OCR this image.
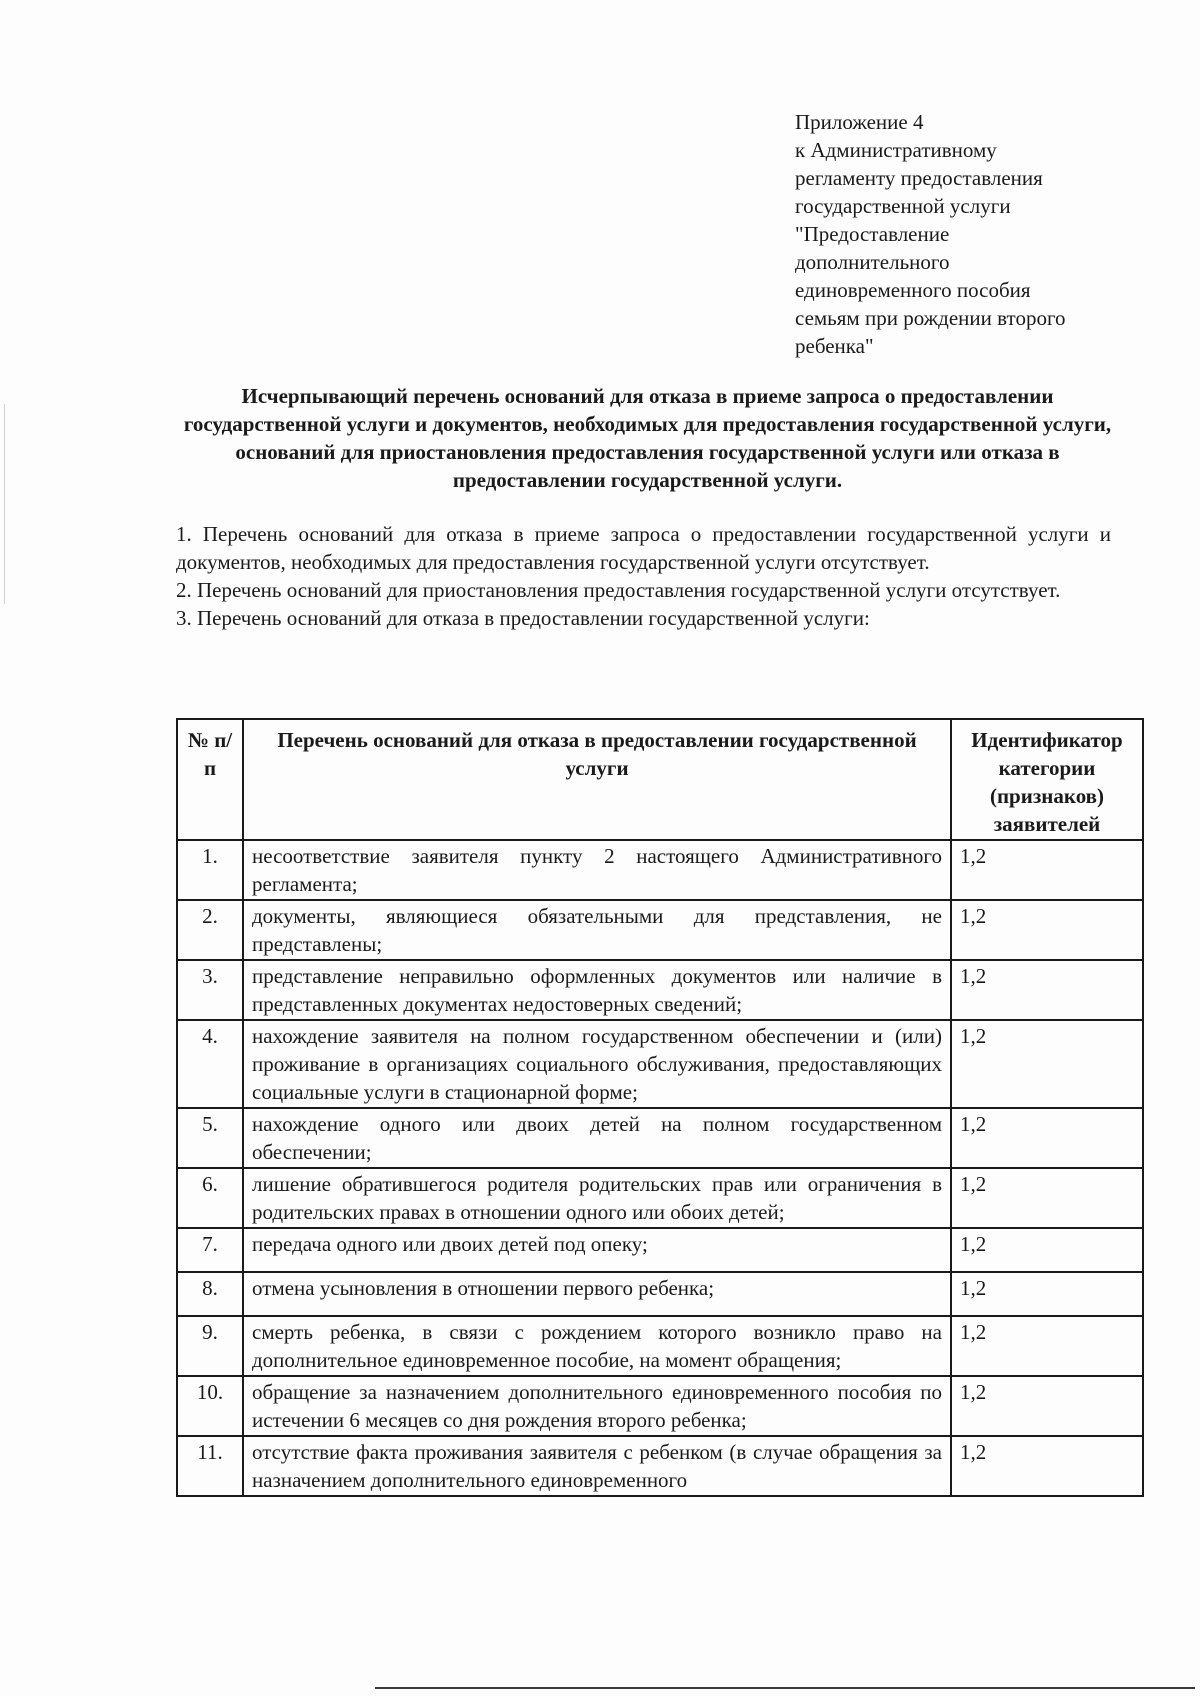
Приложение 4
к Административному
регламенту предоставления
государственной услуги
"Предоставление
дополнительного
единовременного пособия
семьям при рождении второго
ребенка"
Исчерпывающий перечень оснований для отказа в приеме запроса о предоставлении государственной услуги и документов, необходимых для предоставления государственной услуги, оснований для приостановления предоставления государственной услуги или отказа в предоставлении государственной услуги.

1. Перечень оснований для отказа в приеме запроса о предоставлении государственной услуги и документов, необходимых для предоставления государственной услуги отсутствует.

2. Перечень оснований для приостановления предоставления государственной услуги отсутствует.

3. Перечень оснований для отказа в предоставлении государственной услуги:

№ п/п	Перечень оснований для отказа в предоставлении государственной услуги	Идентификатор категории (признаков) заявителей
1.	несоответствие заявителя пункту 2 настоящего Административного регламента;	1,2
2.	документы, являющиеся обязательными для представления, не представлены;	1,2
3.	представление неправильно оформленных документов или наличие в представленных документах недостоверных сведений;	1,2
4.	нахождение заявителя на полном государственном обеспечении и (или) проживание в организациях социального обслуживания, предоставляющих социальные услуги в стационарной форме;	1,2
5.	нахождение одного или двоих детей на полном государственном обеспечении;	1,2
6.	лишение обратившегося родителя родительских прав или ограничения в родительских правах в отношении одного или обоих детей;	1,2
7.	передача одного или двоих детей под опеку;	1,2
8.	отмена усыновления в отношении первого ребенка;	1,2
9.	смерть ребенка, в связи с рождением которого возникло право на дополнительное единовременное пособие, на момент обращения;	1,2
10.	обращение за назначением дополнительного единовременного пособия по истечении 6 месяцев со дня рождения второго ребенка;	1,2
11.	отсутствие факта проживания заявителя с ребенком (в случае обращения за назначением дополнительного единовременного	1,2
